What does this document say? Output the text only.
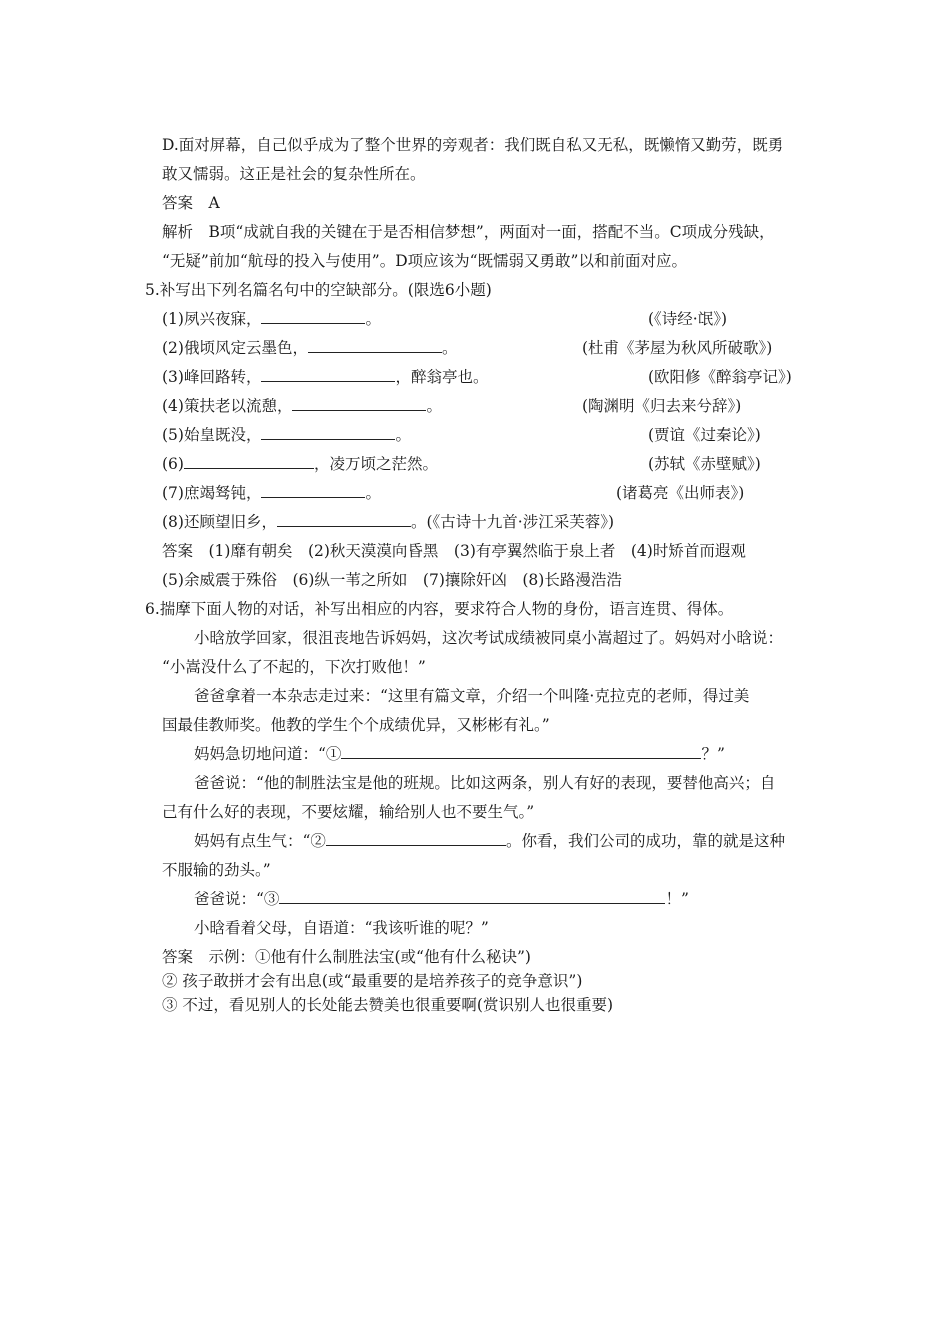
D.面对屏幕，自己似乎成为了整个世界的旁观者：我们既自私又无私，既懒惰又勤劳，既勇
敢又懦弱。这正是社会的复杂性所在。
答案　A
解析　B项“成就自我的关键在于是否相信梦想”，两面对一面，搭配不当。C项成分残缺，
“无疑”前加“航母的投入与使用”。D项应该为“既懦弱又勇敢”以和前面对应。
5.补写出下列名篇名句中的空缺部分。(限选6小题)
(1)夙兴夜寐，	。	(《诗经·氓》)
(2)俄顷风定云墨色，	。	(杜甫《茅屋为秋风所破歌》)
(3)峰回路转，	，醉翁亭也。	(欧阳修《醉翁亭记》)
(4)策扶老以流憩，	。	(陶渊明《归去来兮辞》)
(5)始皇既没，	。	(贾谊《过秦论》)
(6)	，凌万顷之茫然。	(苏轼《赤壁赋》)
(7)庶竭驽钝，	。	(诸葛亮《出师表》)
(8)还顾望旧乡，	。(《古诗十九首·涉江采芙蓉》)
答案　(1)靡有朝矣　(2)秋天漠漠向昏黑　(3)有亭翼然临于泉上者　(4)时矫首而遐观
(5)余威震于殊俗　(6)纵一苇之所如　(7)攘除奸凶　(8)长路漫浩浩
6.揣摩下面人物的对话，补写出相应的内容，要求符合人物的身份，语言连贯、得体。
小晗放学回家，很沮丧地告诉妈妈，这次考试成绩被同桌小嵩超过了。妈妈对小晗说：
“小嵩没什么了不起的，下次打败他！”
爸爸拿着一本杂志走过来：“这里有篇文章，介绍一个叫隆·克拉克的老师，得过美
国最佳教师奖。他教的学生个个成绩优异，又彬彬有礼。”
妈妈急切地问道：“①	？”
爸爸说：“他的制胜法宝是他的班规。比如这两条，别人有好的表现，要替他高兴；自
己有什么好的表现，不要炫耀，输给别人也不要生气。”
妈妈有点生气：“②	。你看，我们公司的成功，靠的就是这种
不服输的劲头。”
爸爸说：“③	！”
小晗看着父母，自语道：“我该听谁的呢？”
答案　示例：①他有什么制胜法宝(或“他有什么秘诀”)
② 孩子敢拼才会有出息(或“最重要的是培养孩子的竞争意识”)
③ 不过，看见别人的长处能去赞美也很重要啊(赏识别人也很重要)
